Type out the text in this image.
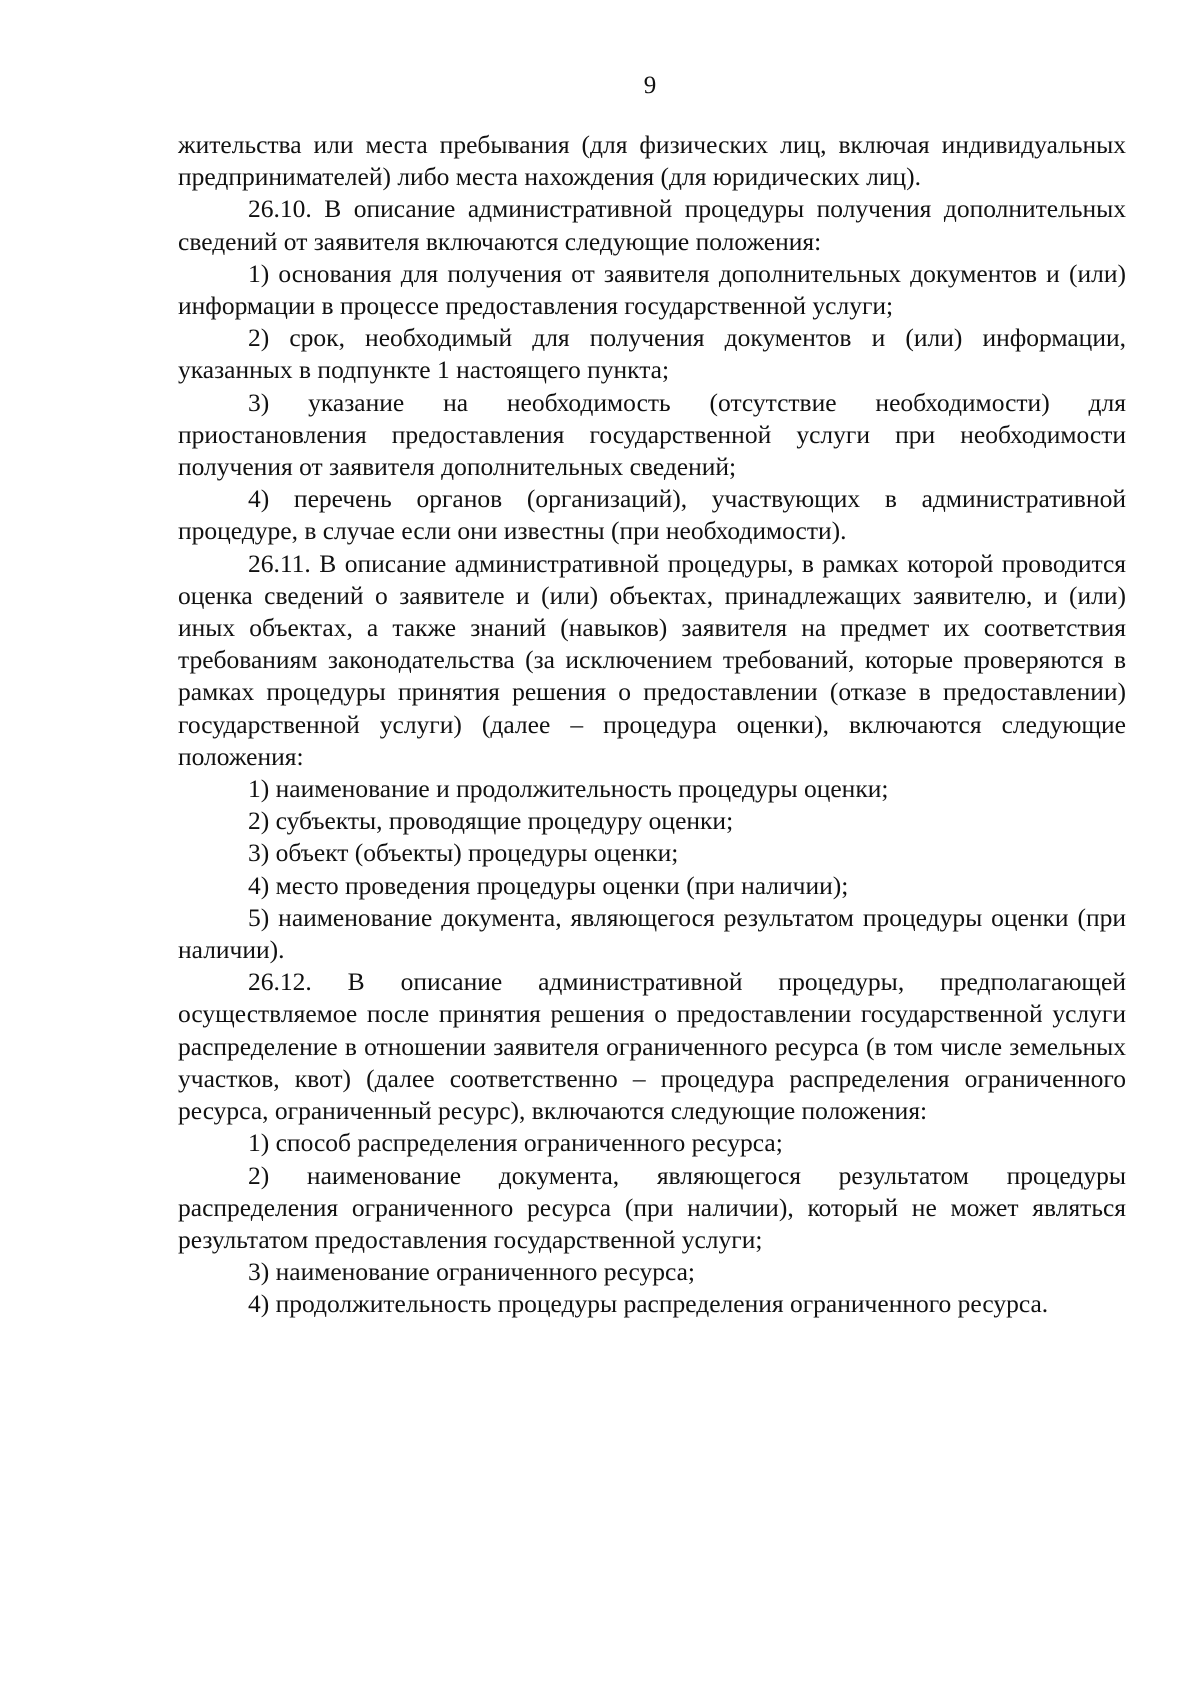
9

жительства или места пребывания (для физических лиц, включая индивидуальных предпринимателей) либо места нахождения (для юридических лиц).

26.10. В описание административной процедуры получения дополнительных сведений от заявителя включаются следующие положения:

1) основания для получения от заявителя дополнительных документов и (или) информации в процессе предоставления государственной услуги;

2) срок, необходимый для получения документов и (или) информации, указанных в подпункте 1 настоящего пункта;

3) указание на необходимость (отсутствие необходимости) для приостановления предоставления государственной услуги при необходимости получения от заявителя дополнительных сведений;

4) перечень органов (организаций), участвующих в административной процедуре, в случае если они известны (при необходимости).

26.11. В описание административной процедуры, в рамках которой проводится оценка сведений о заявителе и (или) объектах, принадлежащих заявителю, и (или) иных объектах, а также знаний (навыков) заявителя на предмет их соответствия требованиям законодательства (за исключением требований, которые проверяются в рамках процедуры принятия решения о предоставлении (отказе в предоставлении) государственной услуги) (далее – процедура оценки), включаются следующие положения:

1) наименование и продолжительность процедуры оценки;

2) субъекты, проводящие процедуру оценки;

3) объект (объекты) процедуры оценки;

4) место проведения процедуры оценки (при наличии);

5) наименование документа, являющегося результатом процедуры оценки (при наличии).

26.12. В описание административной процедуры, предполагающей осуществляемое после принятия решения о предоставлении государственной услуги распределение в отношении заявителя ограниченного ресурса (в том числе земельных участков, квот) (далее соответственно – процедура распределения ограниченного ресурса, ограниченный ресурс), включаются следующие положения:

1) способ распределения ограниченного ресурса;

2) наименование документа, являющегося результатом процедуры распределения ограниченного ресурса (при наличии), который не может являться результатом предоставления государственной услуги;

3) наименование ограниченного ресурса;

4) продолжительность процедуры распределения ограниченного ресурса.
